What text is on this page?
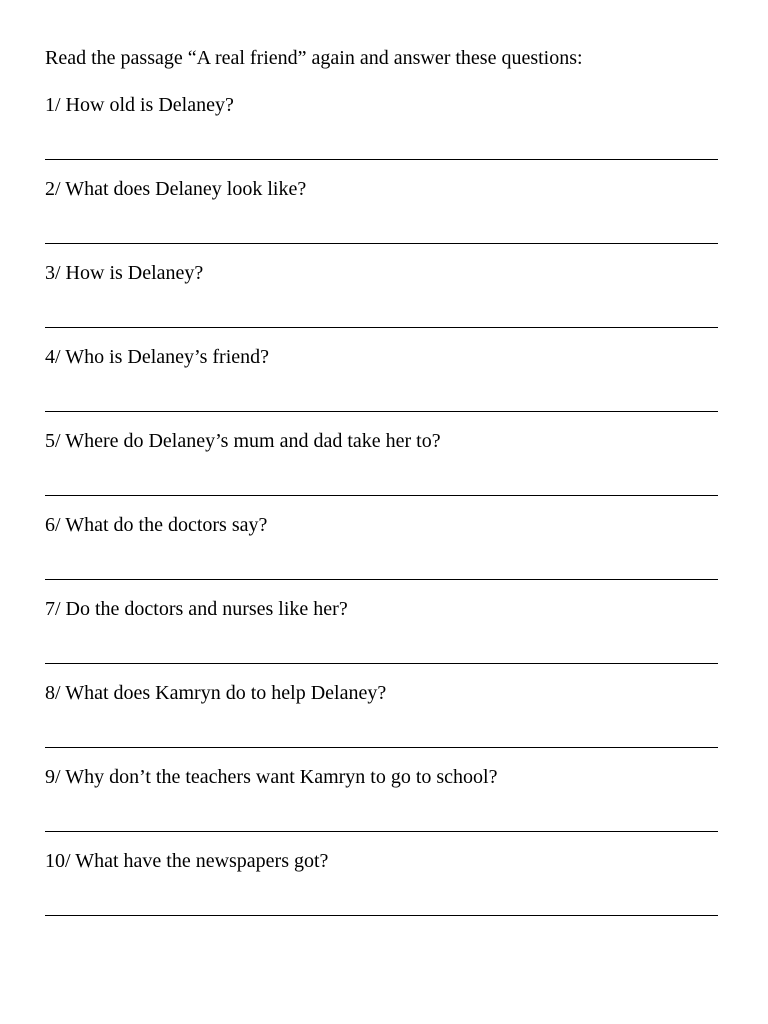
Read the passage “A real friend” again and answer these questions:

1/ How old is Delaney?
2/ What does Delaney look like?
3/ How is Delaney?
4/ Who is Delaney’s friend?
5/ Where do Delaney’s mum and dad take her to?
6/ What do the doctors say?
7/ Do the doctors and nurses like her?
8/ What does Kamryn do to help Delaney?
9/ Why don’t the teachers want Kamryn to go to school?
10/ What have the newspapers got?
